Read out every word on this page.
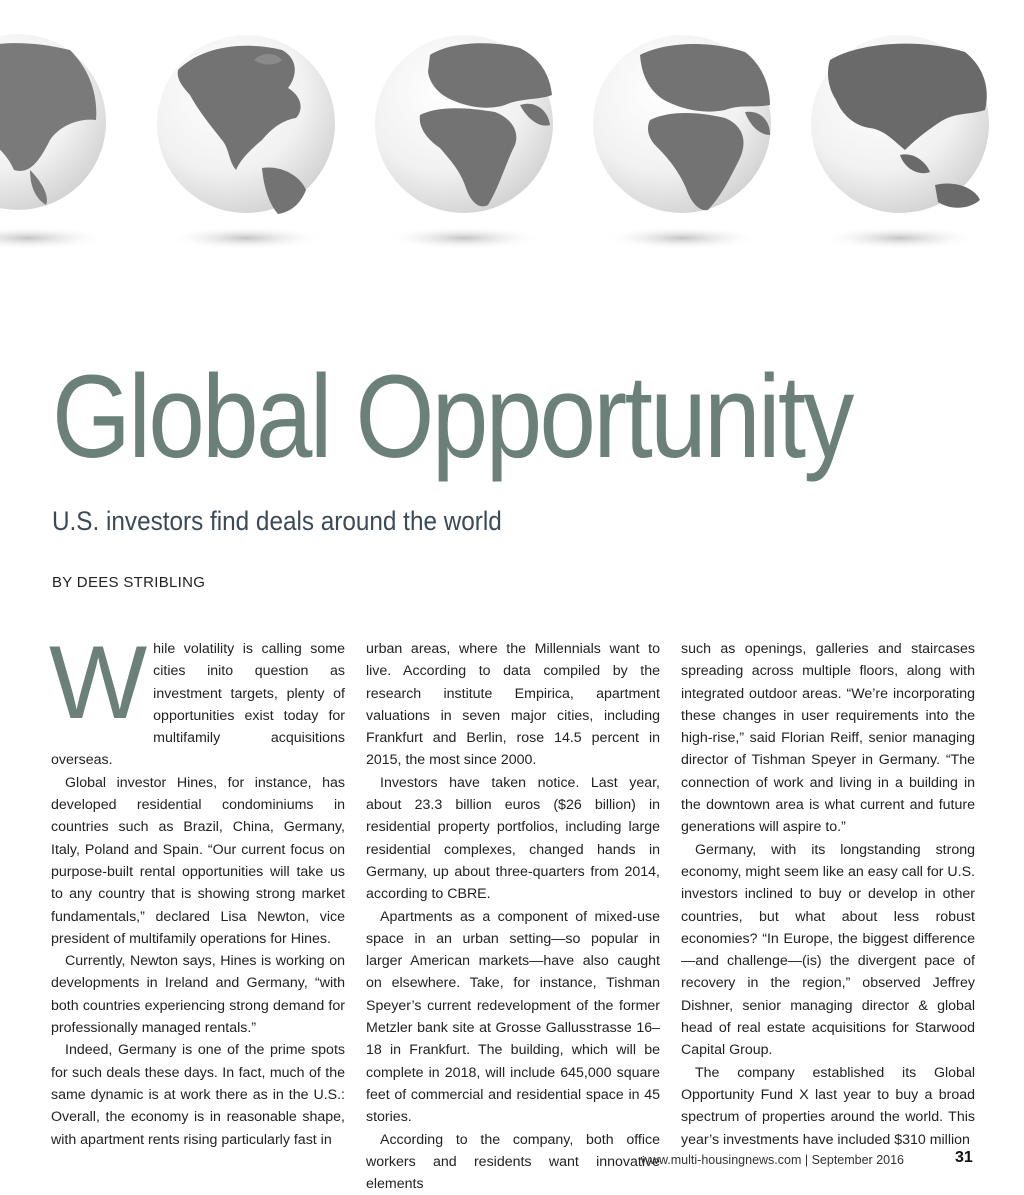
Global Opportunity
U.S. investors find deals around the world
BY DEES STRIBLING

While volatility is calling some cities inito question as investment targets, plenty of opportunities exist today for multifamily acquisitions overseas.

Global investor Hines, for instance, has developed residential condominiums in countries such as Brazil, China, Germany, Italy, Poland and Spain. “Our current focus on purpose-built rental opportunities will take us to any country that is showing strong market fundamentals,” declared Lisa Newton, vice president of multifamily operations for Hines.

Currently, Newton says, Hines is working on developments in Ireland and Germany, “with both countries experiencing strong demand for professionally managed rentals.”

Indeed, Germany is one of the prime spots for such deals these days. In fact, much of the same dynamic is at work there as in the U.S.: Overall, the economy is in reasonable shape, with apartment rents rising particularly fast in

urban areas, where the Millennials want to live. According to data compiled by the research institute Empirica, apartment valuations in seven major cities, including Frankfurt and Berlin, rose 14.5 percent in 2015, the most since 2000.

Investors have taken notice. Last year, about 23.3 billion euros ($26 billion) in residential property portfolios, including large residential complexes, changed hands in Germany, up about three-quarters from 2014, according to CBRE.

Apartments as a component of mixed-use space in an urban setting—so popular in larger American markets—have also caught on elsewhere. Take, for instance, Tishman Speyer’s current redevelopment of the former Metzler bank site at Grosse Gallusstrasse 16–18 in Frankfurt. The building, which will be complete in 2018, will include 645,000 square feet of commercial and residential space in 45 stories.

According to the company, both office workers and residents want innovative elements

such as openings, galleries and staircases spreading across multiple floors, along with integrated outdoor areas. “We’re incorporating these changes in user requirements into the high-rise,” said Florian Reiff, senior managing director of Tishman Speyer in Germany. “The connection of work and living in a building in the downtown area is what current and future generations will aspire to.”

Germany, with its longstanding strong economy, might seem like an easy call for U.S. investors inclined to buy or develop in other countries, but what about less robust economies? “In Europe, the biggest difference—and challenge—(is) the divergent pace of recovery in the region,” observed Jeffrey Dishner, senior managing director & global head of real estate acquisitions for Starwood Capital Group.

The company established its Global Opportunity Fund X last year to buy a broad spectrum of properties around the world. This year’s investments have included $310 million

www.multi-housingnews.com | September 2016	31
